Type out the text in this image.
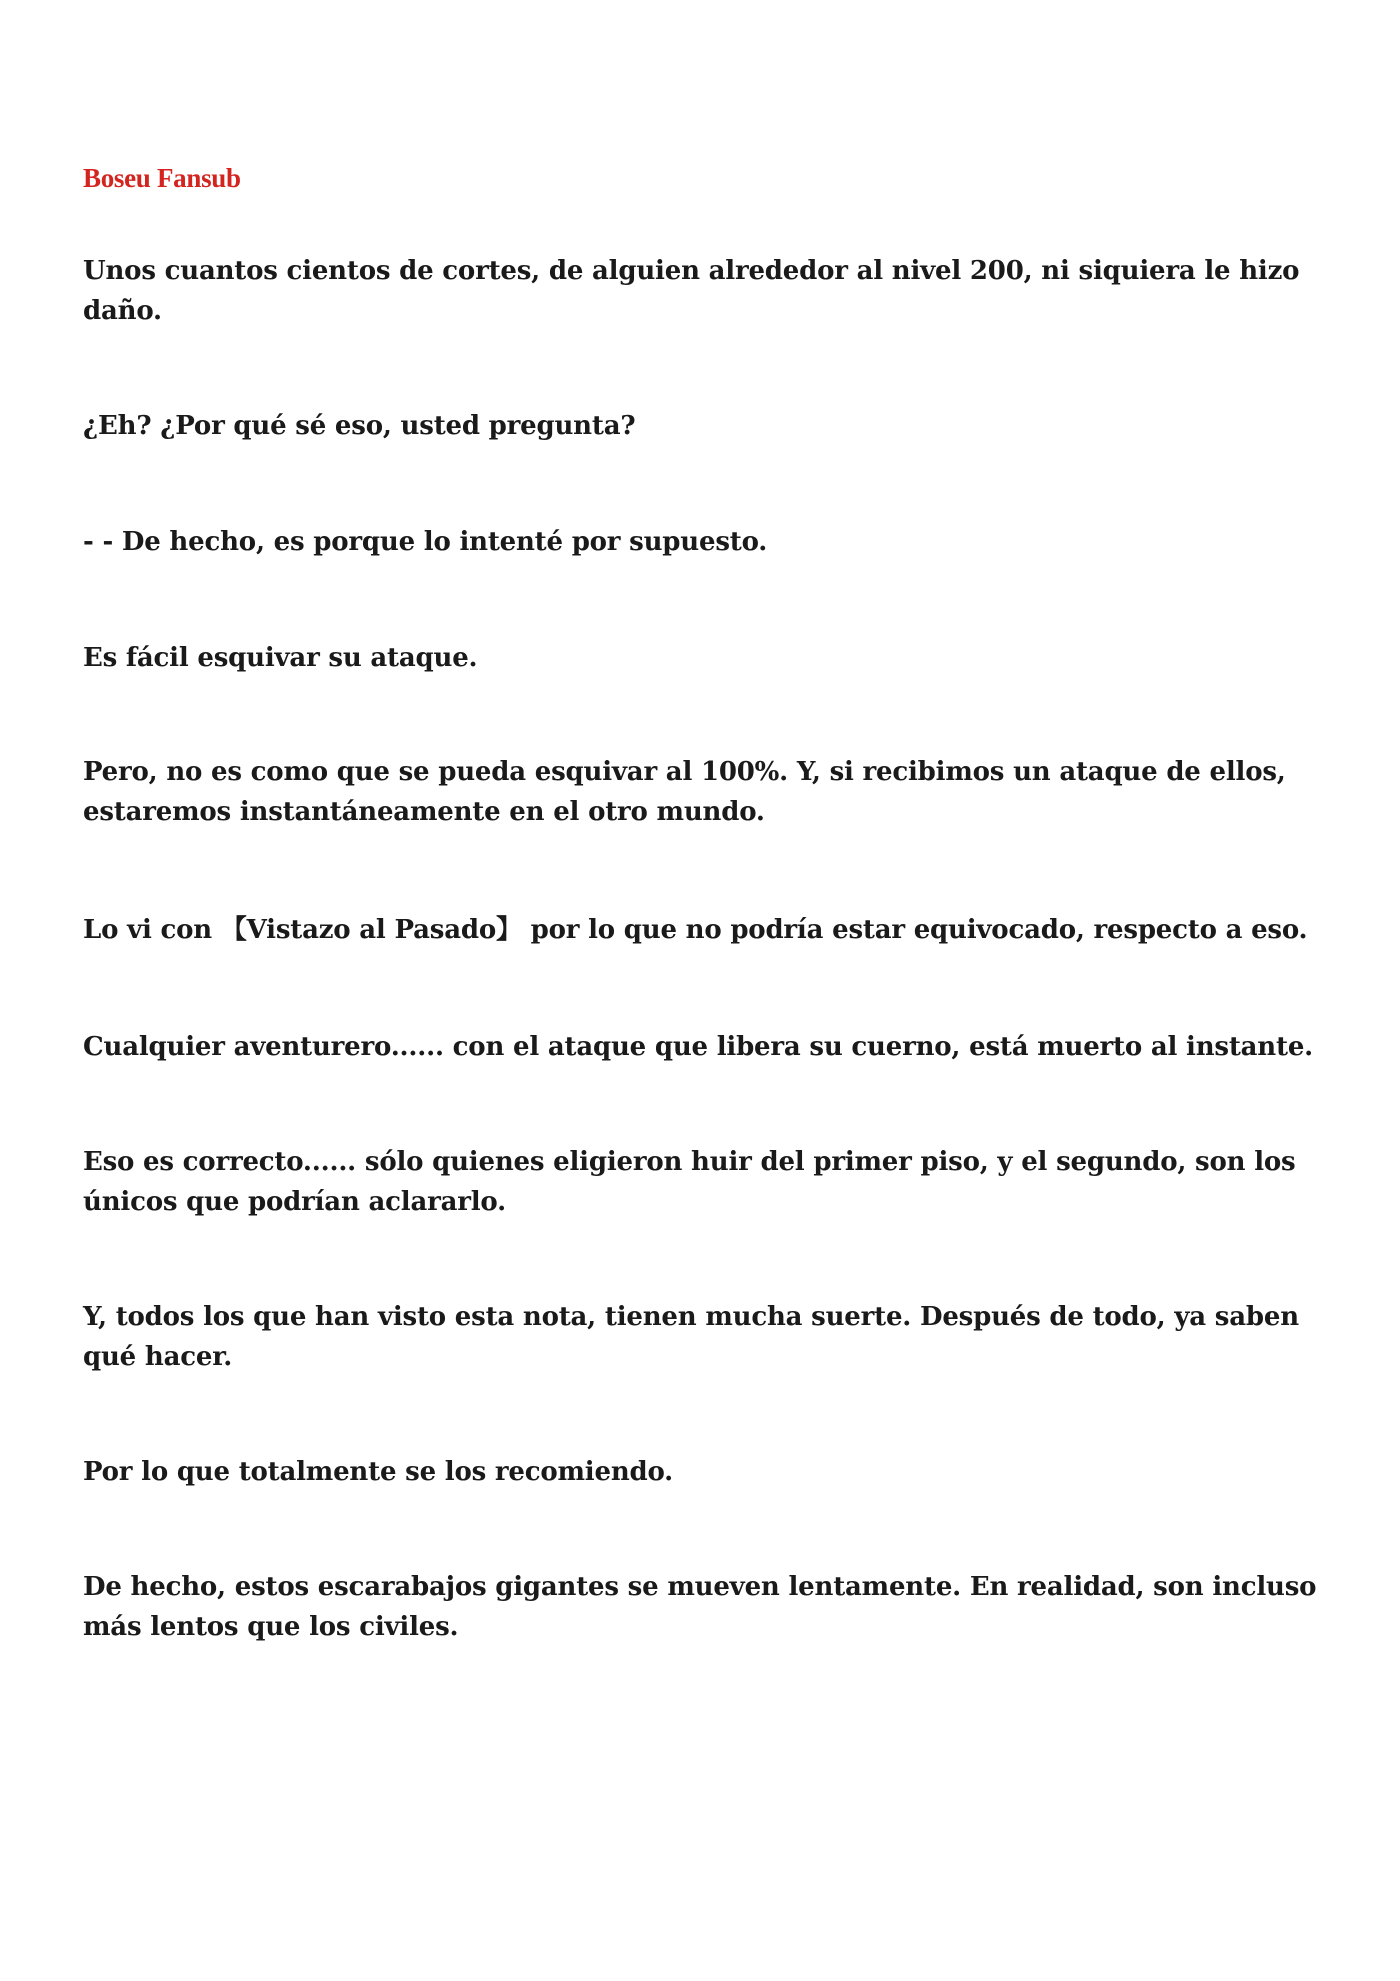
Boseu Fansub

Unos cuantos cientos de cortes, de alguien alrededor al nivel 200, ni siquiera le hizo daño.

¿Eh? ¿Por qué sé eso, usted pregunta?

- - De hecho, es porque lo intenté por supuesto.

Es fácil esquivar su ataque.

Pero, no es como que se pueda esquivar al 100%. Y, si recibimos un ataque de ellos, estaremos instantáneamente en el otro mundo.

Lo vi con 【Vistazo al Pasado】 por lo que no podría estar equivocado, respecto a eso.

Cualquier aventurero...... con el ataque que libera su cuerno, está muerto al instante.

Eso es correcto...... sólo quienes eligieron huir del primer piso, y el segundo, son los únicos que podrían aclararlo.

Y, todos los que han visto esta nota, tienen mucha suerte. Después de todo, ya saben qué hacer.

Por lo que totalmente se los recomiendo.

De hecho, estos escarabajos gigantes se mueven lentamente. En realidad, son incluso más lentos que los civiles.
